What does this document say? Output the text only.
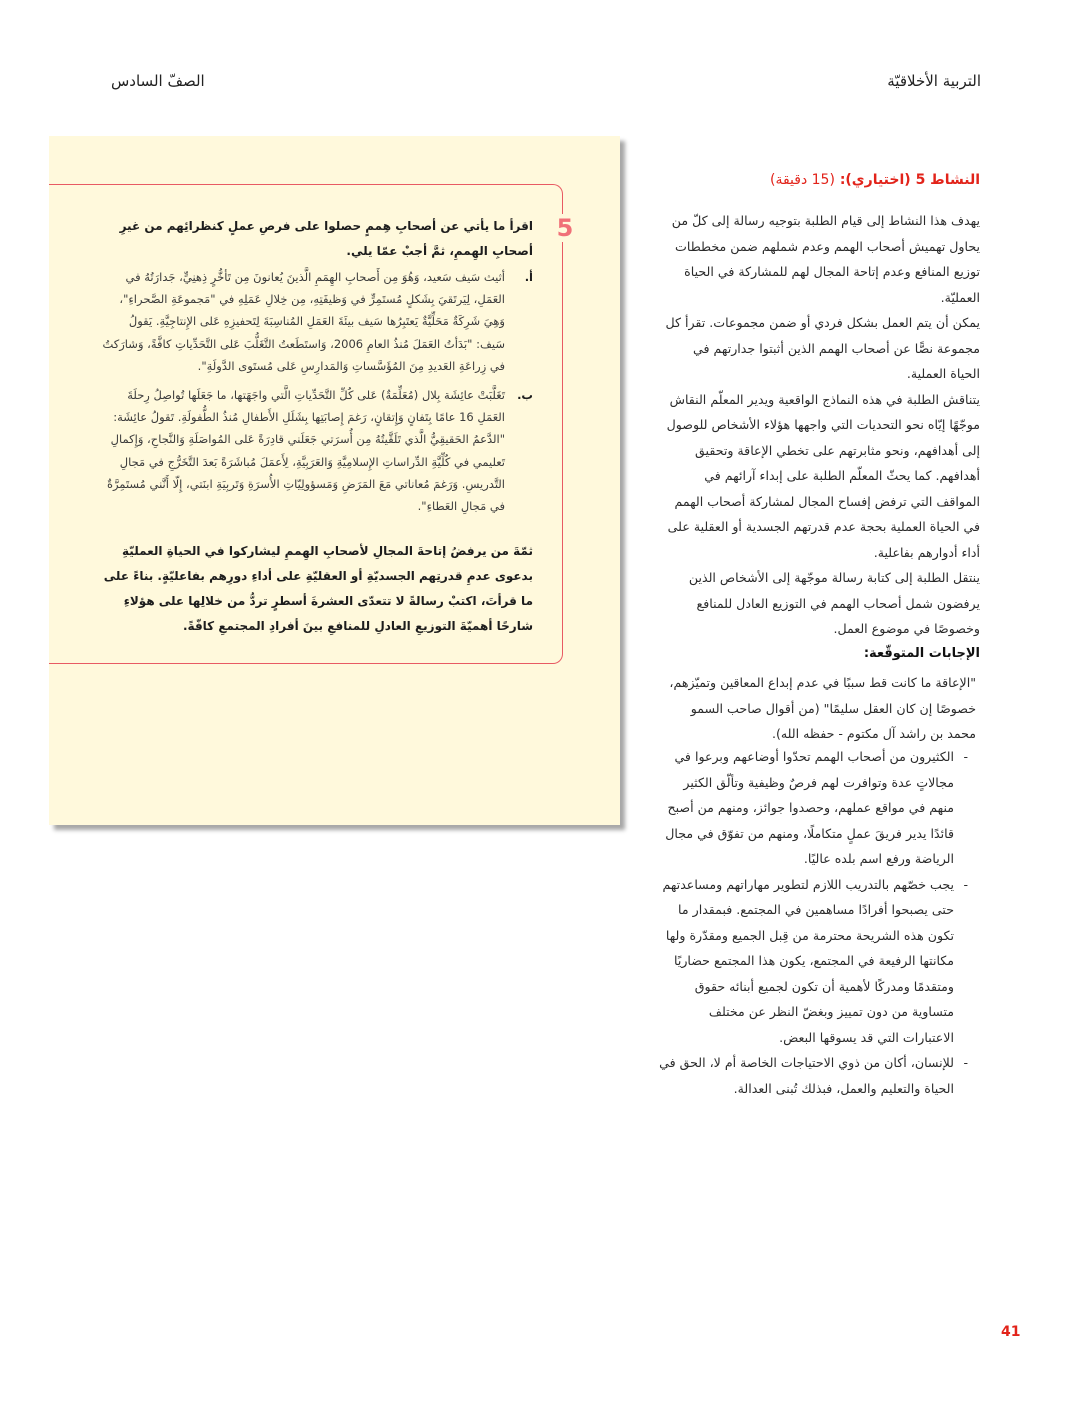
التربية الأخلاقيّة
الصفّ السادس
النشاط 5 (اختياري): (15 دقيقة)

يهدف هذا النشاط إلى قيام الطلبة بتوجيه رسالة إلى كلّ من يحاول تهميش أصحاب الهمم وعدم شملهم ضمن مخططات توزيع المنافع وعدم إتاحة المجال لهم للمشاركة في الحياة العمليّة.

يمكن أن يتم العمل بشكل فردي أو ضمن مجموعات. تقرأ كل مجموعة نصًّا عن أصحاب الهمم الذين أثبتوا جدارتهم في الحياة العملية.

يتناقش الطلبة في هذه النماذج الواقعية ويدير المعلّم النقاش موجّهًا إيّاه نحو التحديات التي واجهها هؤلاء الأشخاص للوصول إلى أهدافهم، ونحو مثابرتهم على تخطي الإعاقة وتحقيق أهدافهم. كما يحثّ المعلّم الطلبة على إبداء آرائهم في المواقف التي ترفض إفساح المجال لمشاركة أصحاب الهمم في الحياة العملية بحجة عدم قدرتهم الجسدية أو العقلية على أداء أدوارهم بفاعلية.

ينتقل الطلبة إلى كتابة رسالة موجّهة إلى الأشخاص الذين يرفضون شمل أصحاب الهمم في التوزيع العادل للمنافع وخصوصًا في موضوع العمل.

الإجابات المتوقّعة:
"الإعاقة ما كانت قط سببًا في عدم إبداع المعاقين وتميّزهم، خصوصًا إن كان العقل سليمًا" (من أقوال صاحب السمو محمد بن راشد آل مكتوم - حفظه الله).

- الكثيرون من أصحاب الهمم تحدّوا أوضاعهم وبرعوا في مجالاتٍ عدة وتوافرت لهم فرصٌ وظيفية وتألّق الكثير منهم في مواقع عملهم، وحصدوا جوائز، ومنهم من أصبح قائدًا يدير فريقَ عملٍ متكاملًا، ومنهم من تفوّق في مجال الرياضة ورفع اسم بلده عاليًا.

- يجب خصّهم بالتدريب اللازم لتطوير مهاراتهم ومساعدتهم حتى يصبحوا أفرادًا مساهمين في المجتمع. فبمقدار ما تكون هذه الشريحة محترمة من قِبل الجميع ومقدّرة ولها مكانتها الرفيعة في المجتمع، يكون هذا المجتمع حضاريًا ومتقدمًا ومدركًا لأهمية أن تكون لجميع أبنائه حقوق متساوية من دون تمييز وبغضّ النظر عن مختلف الاعتبارات التي قد يسوقها البعض.

- للإنسان، أكان من ذوي الاحتياجات الخاصة أم لا، الحق في الحياة والتعليم والعمل، فبذلك تُبنى العدالة.

5
اقرأ ما يأتي عن أصحابِ هِممٍ حصلوا على فرصِ عملٍ كنظرائِهم من غيرِ أصحابِ الهِممِ، ثمَّ أجبْ عمّا يلي.
أ.
أثيث سَيف سَعيد، وَهُوَ مِن أَصحابِ الهِمَمِ الَّذينَ يُعانونَ مِن تَأخُّرٍ ذِهنِيٍّ، جَدارَتُهُ في العَمَلِ، لِيَرتَقيَ بِشَكلٍ مُستَمِرٍّ في وَظيفَتِهِ، مِن خِلالِ عَمَلِهِ في "مَجموعَةِ الصَّحراءِ"، وَهِيَ شَرِكَةٌ مَحَلِّيَّةٌ يَعتَبِرُها سَيف بيئَةَ العَمَلِ المُناسِبَةَ لِتَحفيزِهِ عَلى الإِنتاجِيَّةِ. يَقولُ سَيف: "بَدَأتُ العَمَلَ مُنذُ العامِ 2006، وَاستَطَعتُ التَّغَلُّبَ عَلى التَّحَدِّياتِ كافَّةً، وَشارَكتُ في زِراعَةِ العَديدِ مِنَ المُؤَسَّساتِ وَالمَدارِسِ عَلى مُستَوى الدَّولَةِ".
ب.
تَغَلَّبَتْ عائِشَة بِلال (مُعَلِّمَةٌ) عَلى كُلِّ التَّحَدِّياتِ الَّتي واجَهَتها، ما جَعَلَها تُواصِلُ رِحلَةَ العَمَلِ 16 عامًا بِتَفانٍ وَإِتقانٍ، رَغمَ إِصابَتِها بِشَلَلِ الأَطفالِ مُنذُ الطُّفولَةِ. تَقولُ عائِشَة: "الدَّعمُ الحَقيقِيُّ الَّذي تَلَقَّيتُهُ مِن أُسرَتي جَعَلَني قادِرَةً عَلى المُواصَلَةِ وَالنَّجاحِ، وَإِكمالِ تَعليمي في كُلِّيَّةِ الدِّراساتِ الإِسلامِيَّةِ وَالعَرَبِيَّةِ، لِأَعمَلَ مُباشَرَةً بَعدَ التَّخَرُّجِ في مَجالِ التَّدريسِ. وَرَغمَ مُعاناتي مَعَ المَرَضِ وَمَسؤولِيّاتِ الأُسرَةِ وَتَربِيَةِ ابنَتي، إِلّا أَنَّني مُستَمِرَّةٌ في مَجالِ العَطاءِ".
ثمّةَ من يرفضُ إتاحةَ المجالِ لأصحابِ الهِممِ ليشاركوا في الحياةِ العمليّةِ بدعوى عدمِ قدرتِهم الجسديّةِ أو العقليّةِ على أداءِ دورِهم بفاعليّةٍ. بناءً على ما قرأتَ، اكتبْ رسالةً لا تتعدّى العشرةَ أسطرٍ تردُّ من خلالِها على هؤلاءِ شارحًا أهميّةَ التوزيعِ العادلِ للمنافعِ بينَ أفرادِ المجتمعِ كافّةً.
41
